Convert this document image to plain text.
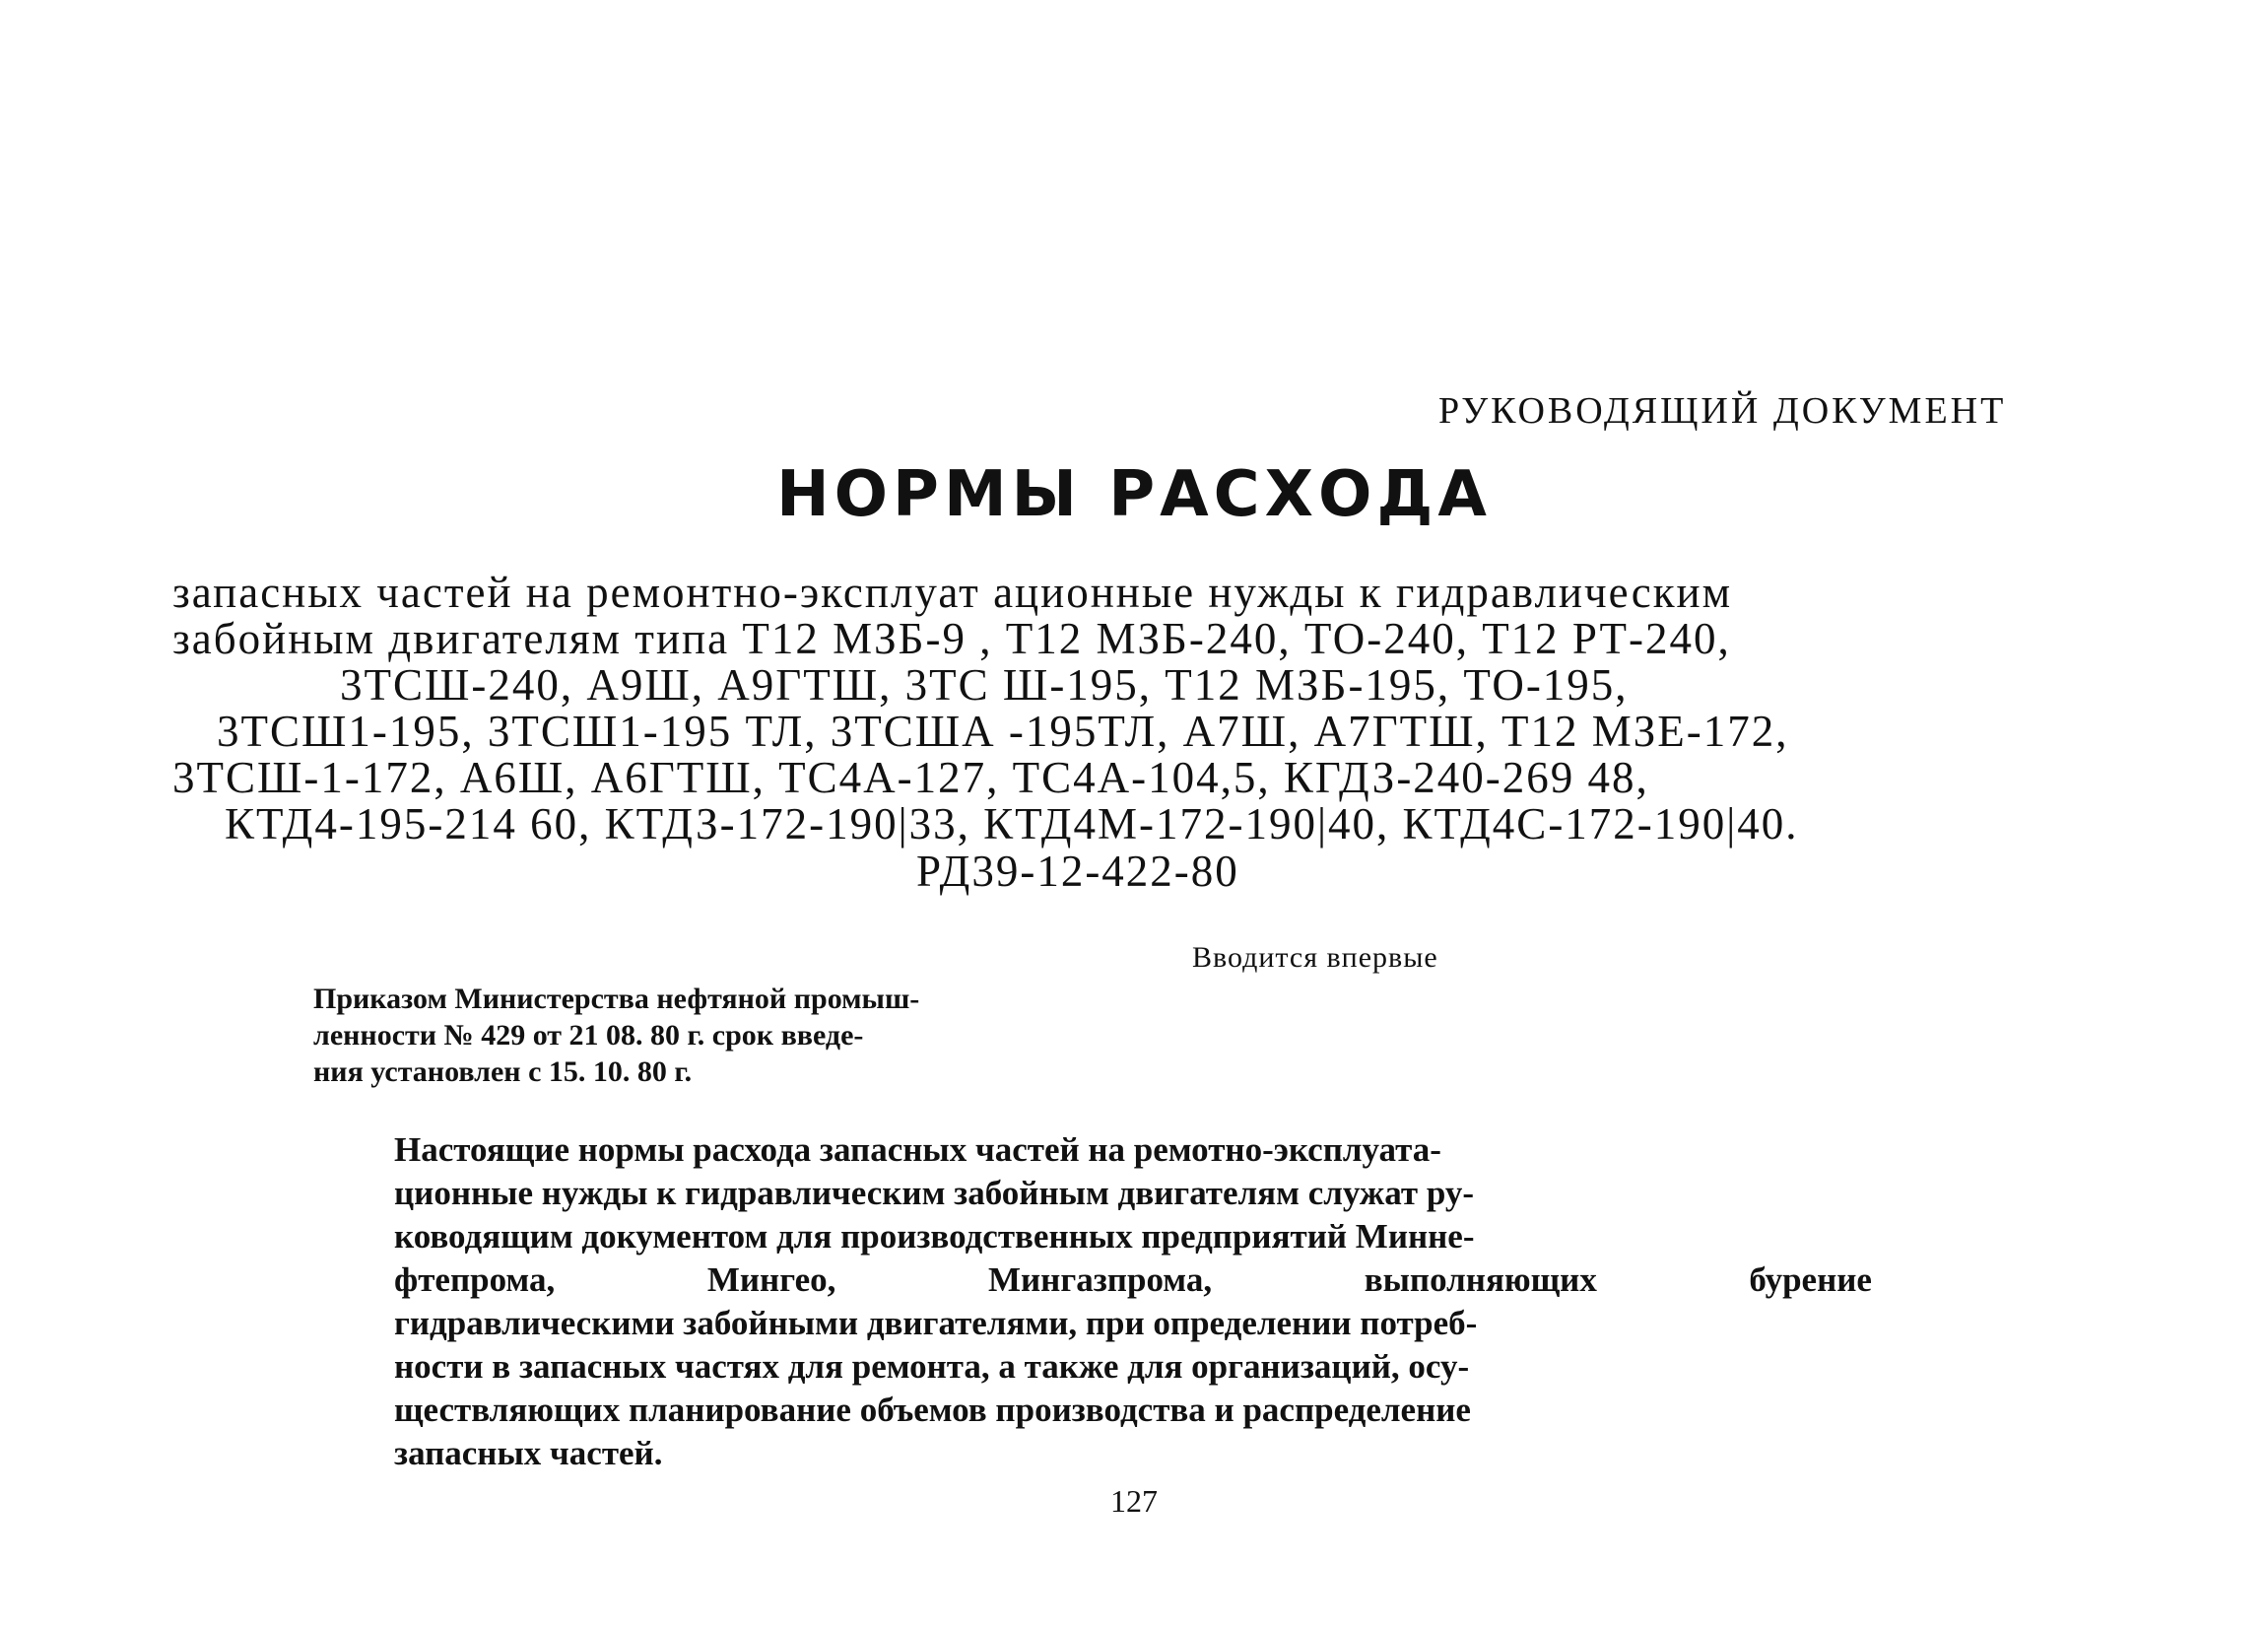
РУКОВОДЯЩИЙ ДОКУМЕНТ
НОРМЫ РАСХОДА
запасных частей на ремонтно-эксплуат ационные нужды к гидравлическим
забойным двигателям типа Т12 МЗБ-9 , Т12 МЗБ-240, ТО-240, Т12 РТ-240,
3ТСШ-240, А9Ш, А9ГТШ, 3ТС Ш-195, Т12 МЗБ-195, ТО-195,
3ТСШ1-195, 3ТСШ1-195 ТЛ, 3ТСША -195ТЛ, А7Ш, А7ГТШ, Т12 МЗЕ-172,
3ТСШ-1-172, А6Ш, А6ГТШ, ТС4А-127, ТС4А-104,5, КГДЗ-240-269 48,
КТД4-195-214 60, КТДЗ-172-190|33, КТД4М-172-190|40, КТД4С-172-190|40.
РД39-12-422-80
Вводится впервые
Приказом Министерства нефтяной промыш-
ленности № 429 от 21 08. 80 г. срок введе-
ния установлен с 15. 10. 80 г.
Настоящие нормы расхода запасных частей на ремотно-эксплуата-
ционные нужды к гидравлическим забойным двигателям служат ру-
ководящим документом для производственных предприятий Минне-
фтепрома,	Мингео,	Мингазпрома,	выполняющих	бурение
гидравлическими забойными двигателями, при определении потреб-
ности в запасных частях для ремонта, а также для организаций, осу-
ществляющих планирование объемов производства и распределение
запасных частей.
127
